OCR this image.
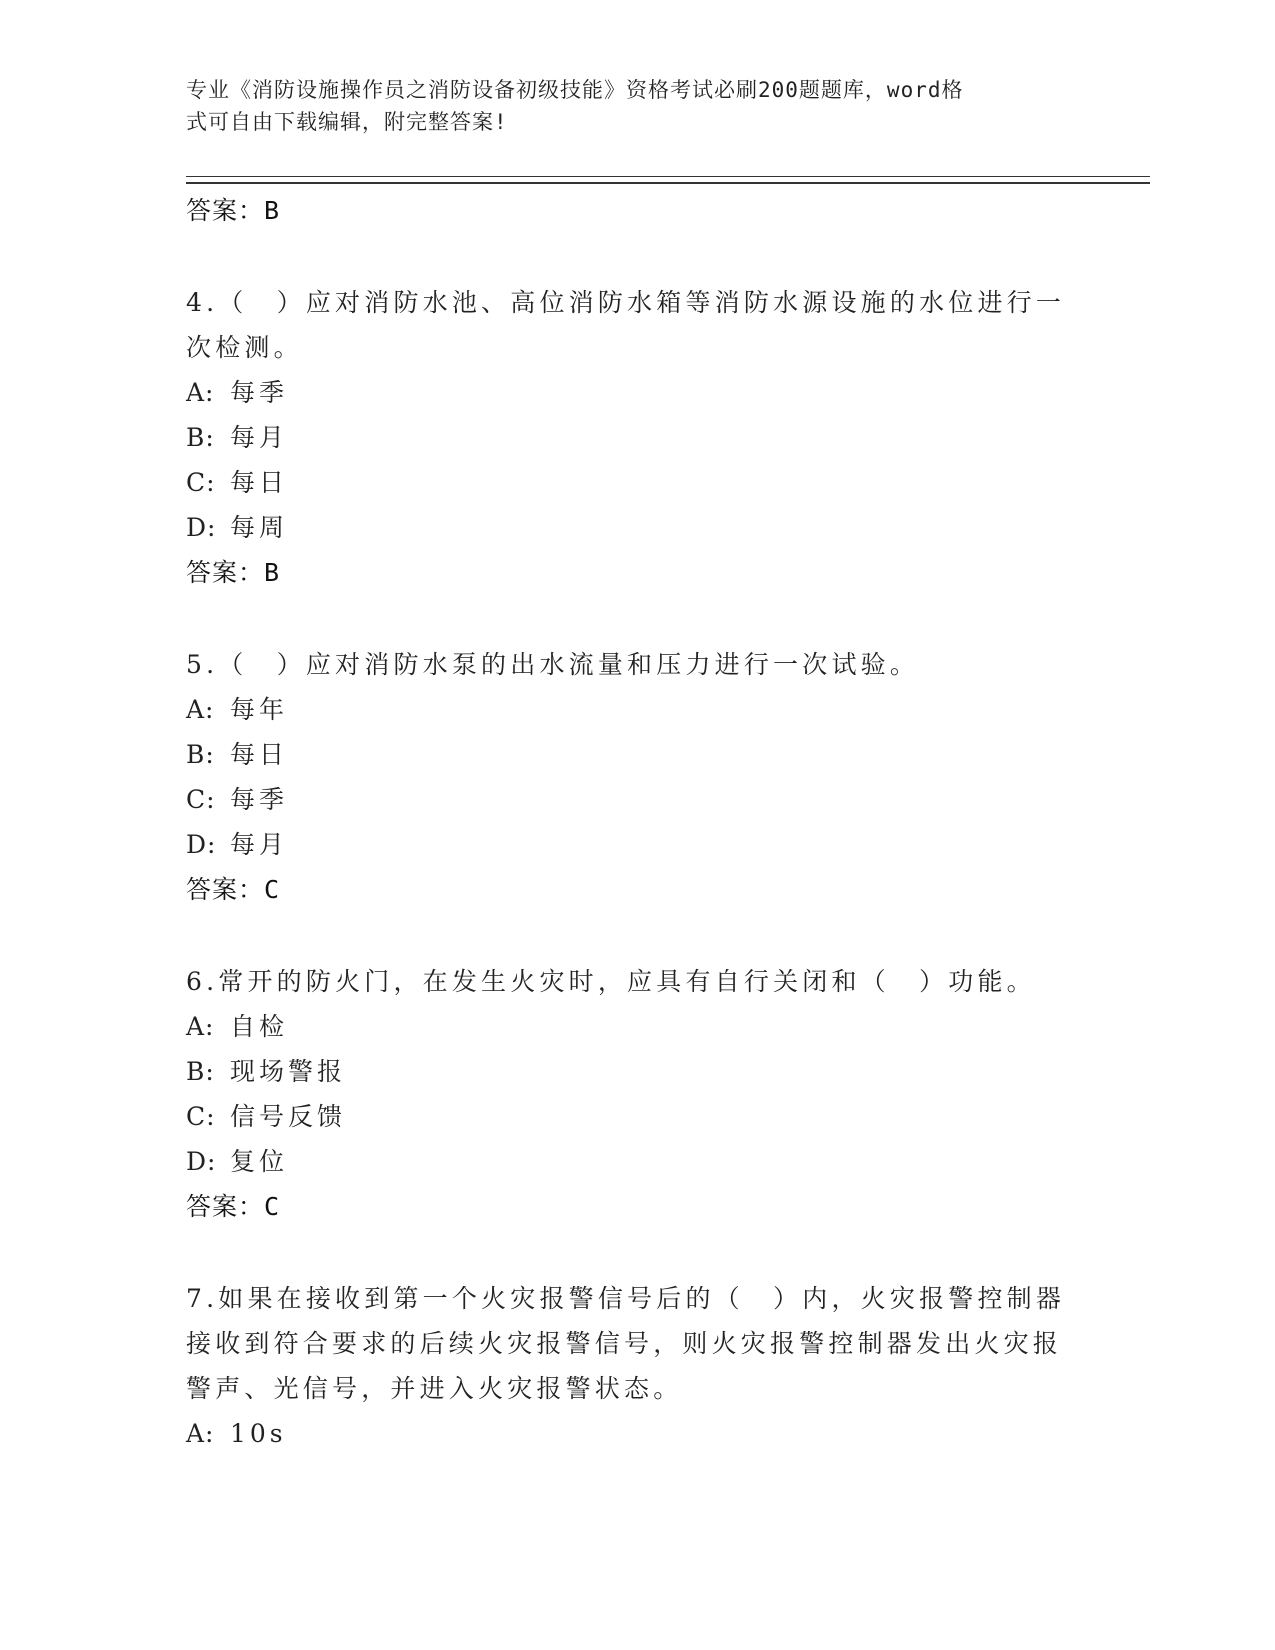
专业《消防设施操作员之消防设备初级技能》资格考试必刷200题题库，word格
式可自由下载编辑，附完整答案!
答案：B
4.（　）应对消防水池、高位消防水箱等消防水源设施的水位进行一次检测。
A: 每季
B: 每月
C: 每日
D: 每周
答案：B
5.（　）应对消防水泵的出水流量和压力进行一次试验。
A: 每年
B: 每日
C: 每季
D: 每月
答案：C
6.常开的防火门，在发生火灾时，应具有自行关闭和（　）功能。
A: 自检
B: 现场警报
C: 信号反馈
D: 复位
答案：C
7.如果在接收到第一个火灾报警信号后的（　）内，火灾报警控制器接收到符合要求的后续火灾报警信号，则火灾报警控制器发出火灾报警声、光信号，并进入火灾报警状态。
A: 10s
